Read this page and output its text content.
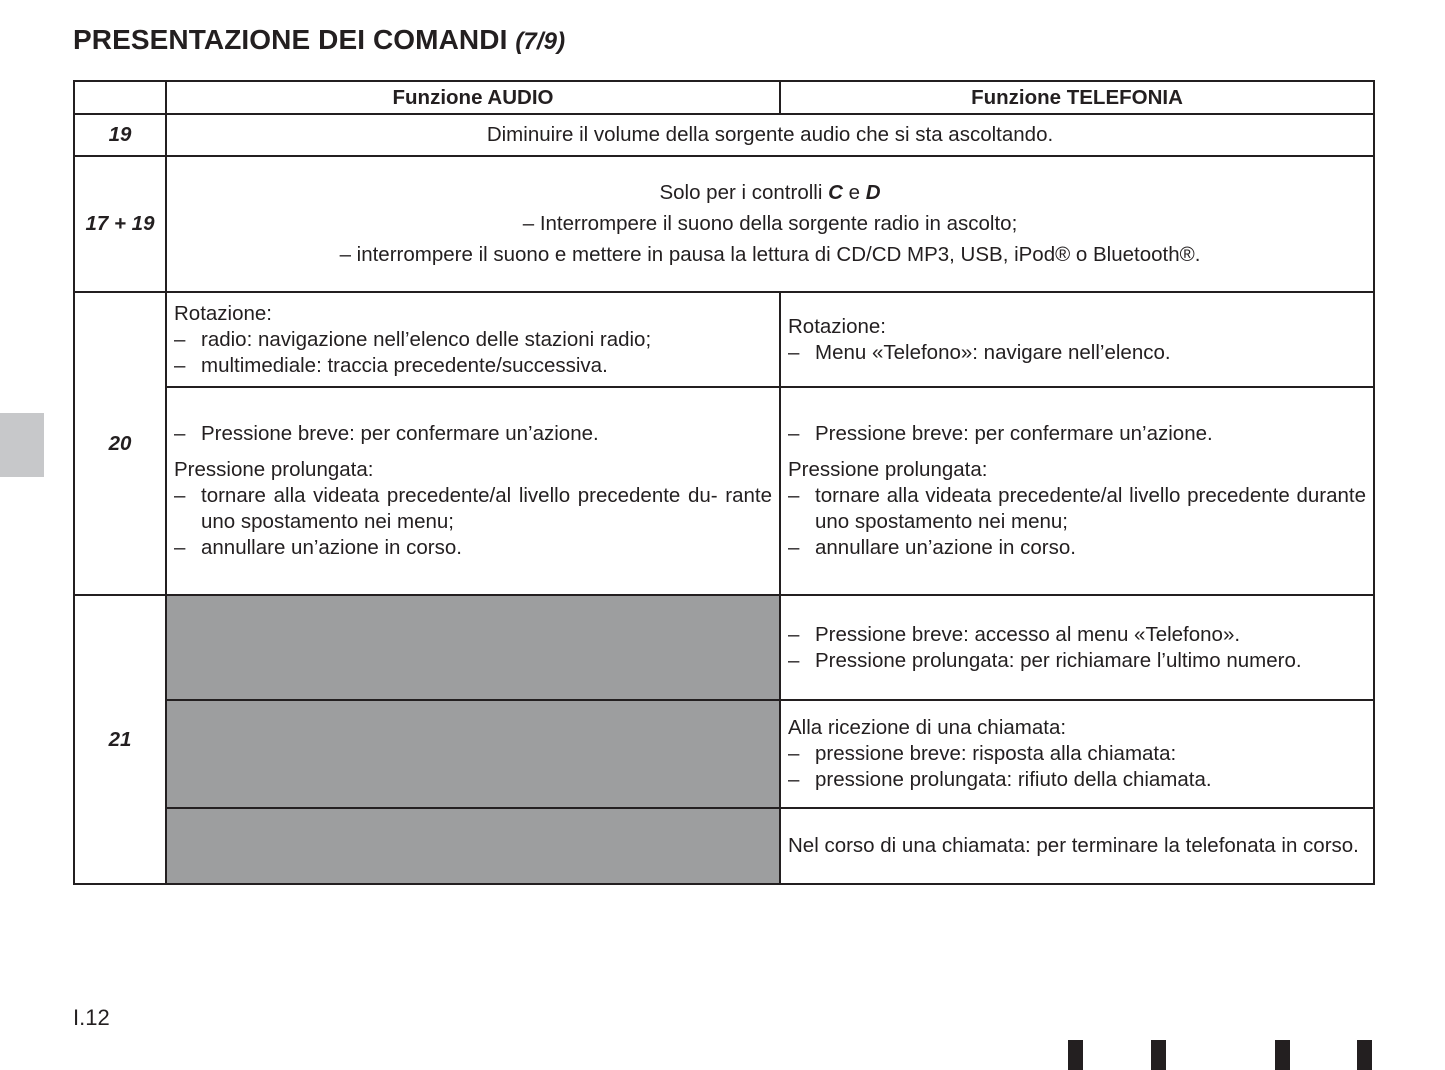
PRESENTAZIONE DEI COMANDI (7/9)
	Funzione AUDIO	Funzione TELEFONIA
19	Diminuire il volume della sorgente audio che si sta ascoltando.	
17 + 19	Solo per i controlli C e D
– Interrompere il suono della sorgente radio in ascolto;
– interrompere il suono e mettere in pausa la lettura di CD/CD MP3, USB, iPod® o Bluetooth®.	

20	Rotazione:
– radio: navigazione nell’elenco delle stazioni radio;
– multimediale: traccia precedente/successiva.	Rotazione:
– Menu «Telefono»: navigare nell’elenco.

	– Pressione breve: per confermare un’azione.
Pressione prolungata:
– tornare alla videata precedente/al livello precedente du- rante uno spostamento nei menu;
– annullare un’azione in corso.	– Pressione breve: per confermare un’azione.
Pressione prolungata:
– tornare alla videata precedente/al livello precedente durante uno spostamento nei menu;
– annullare un’azione in corso.

21		– Pressione breve: accesso al menu «Telefono».
– Pressione prolungata: per richiamare l’ultimo numero.

		Alla ricezione di una chiamata:
– pressione breve: risposta alla chiamata:
– pressione prolungata: rifiuto della chiamata.

		Nel corso di una chiamata: per terminare la telefonata in corso.
I.12
